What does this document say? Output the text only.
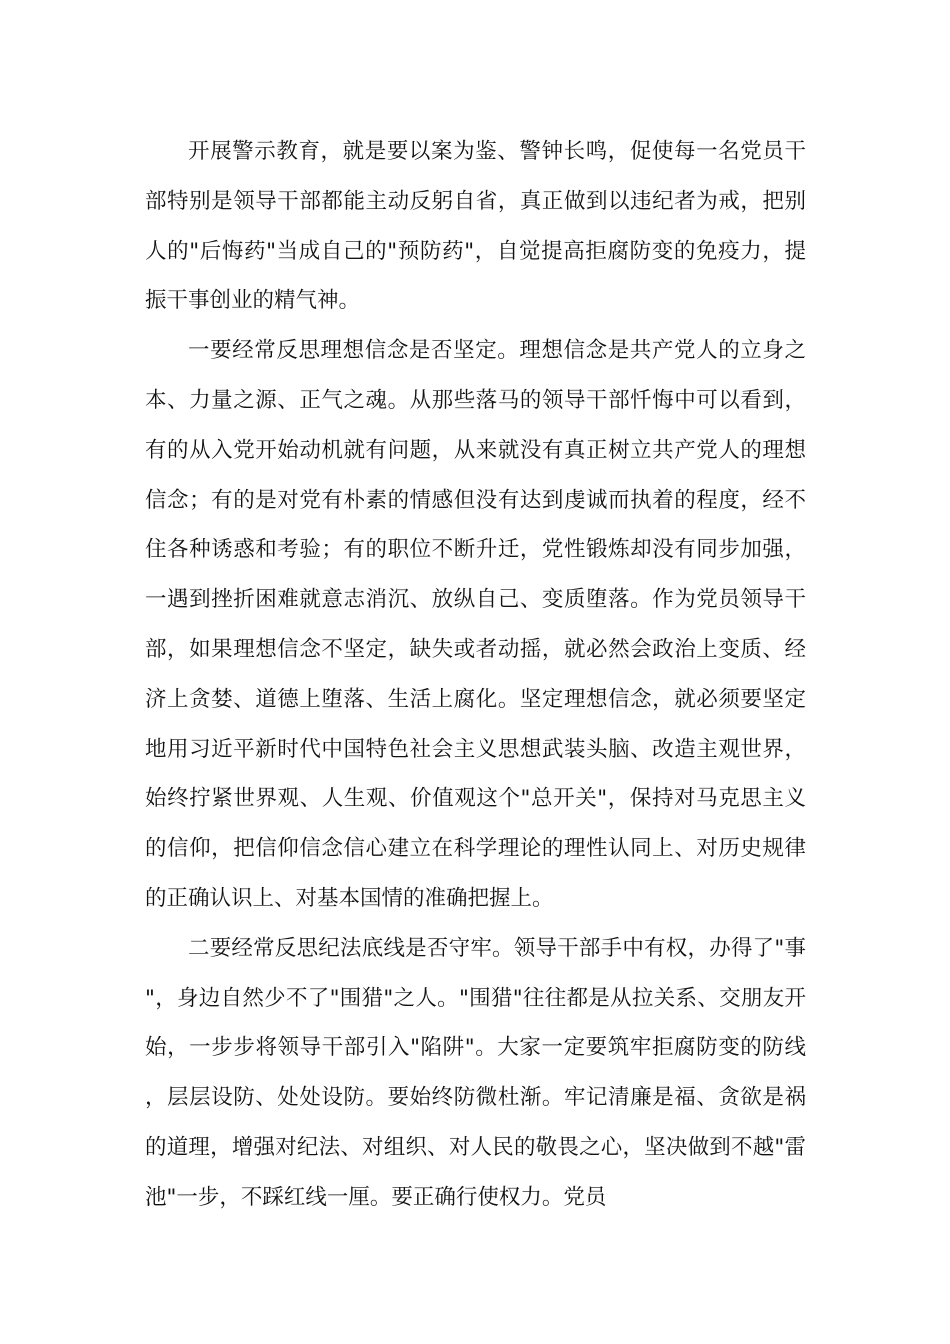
开展警示教育，就是要以案为鉴、警钟长鸣，促使每一名党员干部特别是领导干部都能主动反躬自省，真正做到以违纪者为戒，把别人的"后悔药"当成自己的"预防药"，自觉提高拒腐防变的免疫力，提振干事创业的精气神。

一要经常反思理想信念是否坚定。理想信念是共产党人的立身之本、力量之源、正气之魂。从那些落马的领导干部忏悔中可以看到，有的从入党开始动机就有问题，从来就没有真正树立共产党人的理想信念；有的是对党有朴素的情感但没有达到虔诚而执着的程度，经不住各种诱惑和考验；有的职位不断升迁，党性锻炼却没有同步加强，一遇到挫折困难就意志消沉、放纵自己、变质堕落。作为党员领导干部，如果理想信念不坚定，缺失或者动摇，就必然会政治上变质、经济上贪婪、道德上堕落、生活上腐化。坚定理想信念，就必须要坚定地用习近平新时代中国特色社会主义思想武装头脑、改造主观世界，始终拧紧世界观、人生观、价值观这个"总开关"，保持对马克思主义的信仰，把信仰信念信心建立在科学理论的理性认同上、对历史规律的正确认识上、对基本国情的准确把握上。

二要经常反思纪法底线是否守牢。领导干部手中有权，办得了"事"，身边自然少不了"围猎"之人。"围猎"往往都是从拉关系、交朋友开始，一步步将领导干部引入"陷阱"。大家一定要筑牢拒腐防变的防线，层层设防、处处设防。要始终防微杜渐。牢记清廉是福、贪欲是祸的道理，增强对纪法、对组织、对人民的敬畏之心，坚决做到不越"雷池"一步，不踩红线一厘。要正确行使权力。党员
